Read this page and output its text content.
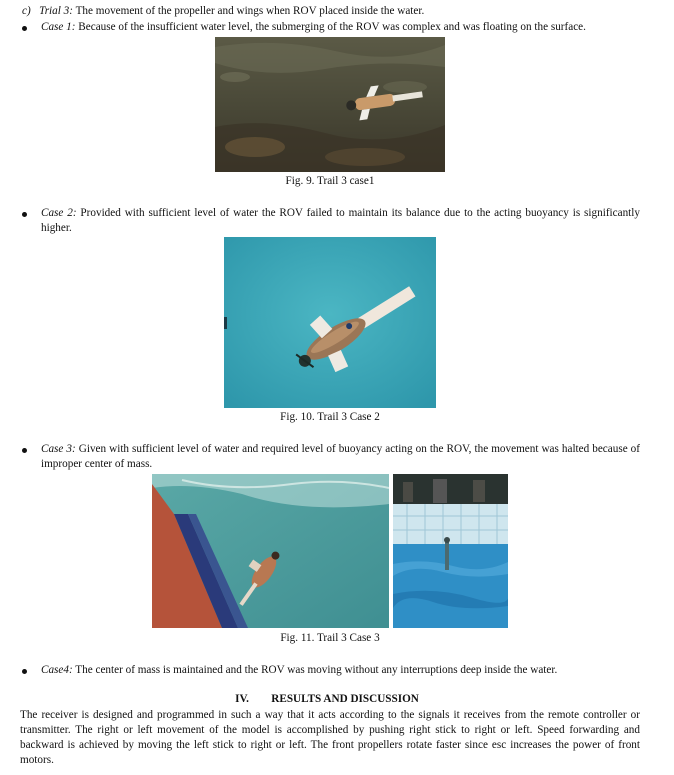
c) Trial 3: The movement of the propeller and wings when ROV placed inside the water.
Case 1: Because of the insufficient water level, the submerging of the ROV was complex and was floating on the surface.
Fig. 9. Trail 3 case1
Case 2: Provided with sufficient level of water the ROV failed to maintain its balance due to the acting buoyancy is significantly higher.
Fig. 10. Trail 3 Case 2
Case 3: Given with sufficient level of water and required level of buoyancy acting on the ROV, the movement was halted because of improper center of mass.
Fig. 11. Trail 3 Case 3
Case4: The center of mass is maintained and the ROV was moving without any interruptions deep inside the water.
IV. RESULTS AND DISCUSSION
The receiver is designed and programmed in such a way that it acts according to the signals it receives from the remote controller or transmitter. The right or left movement of the model is accomplished by pushing right stick to right or left. Speed forwarding and backward is achieved by moving the left stick to right or left. The front propellers rotate faster since esc increases the power of front motors.
